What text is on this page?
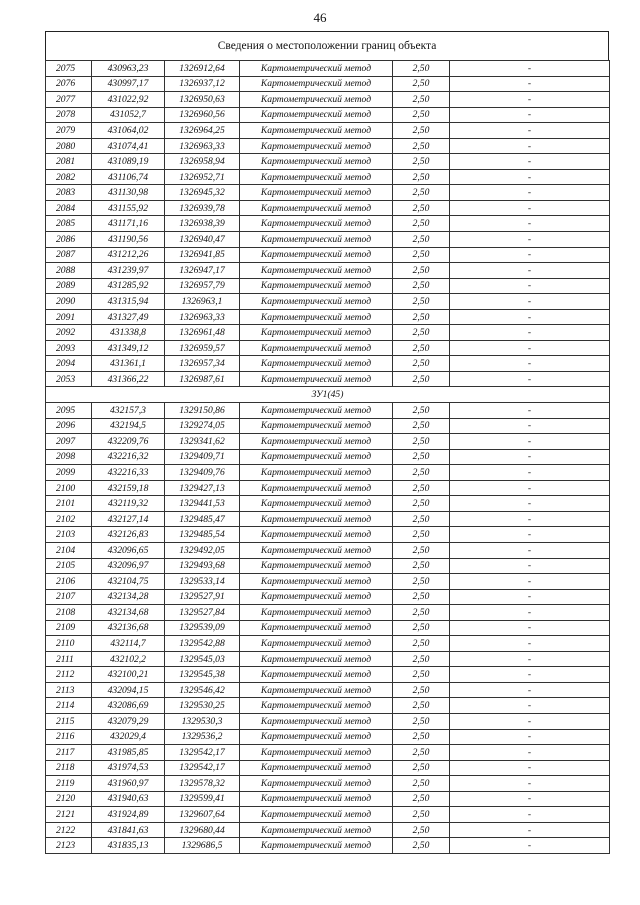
46
Сведения о местоположении границ объекта
2075	430963,23	1326912,64	Картометрический метод	2,50	-
2076	430997,17	1326937,12	Картометрический метод	2,50	-
2077	431022,92	1326950,63	Картометрический метод	2,50	-
2078	431052,7	1326960,56	Картометрический метод	2,50	-
2079	431064,02	1326964,25	Картометрический метод	2,50	-
2080	431074,41	1326963,33	Картометрический метод	2,50	-
2081	431089,19	1326958,94	Картометрический метод	2,50	-
2082	431106,74	1326952,71	Картометрический метод	2,50	-
2083	431130,98	1326945,32	Картометрический метод	2,50	-
2084	431155,92	1326939,78	Картометрический метод	2,50	-
2085	431171,16	1326938,39	Картометрический метод	2,50	-
2086	431190,56	1326940,47	Картометрический метод	2,50	-
2087	431212,26	1326941,85	Картометрический метод	2,50	-
2088	431239,97	1326947,17	Картометрический метод	2,50	-
2089	431285,92	1326957,79	Картометрический метод	2,50	-
2090	431315,94	1326963,1	Картометрический метод	2,50	-
2091	431327,49	1326963,33	Картометрический метод	2,50	-
2092	431338,8	1326961,48	Картометрический метод	2,50	-
2093	431349,12	1326959,57	Картометрический метод	2,50	-
2094	431361,1	1326957,34	Картометрический метод	2,50	-
2053	431366,22	1326987,61	Картометрический метод	2,50	-
ЗУ1(45)					
2095	432157,3	1329150,86	Картометрический метод	2,50	-
2096	432194,5	1329274,05	Картометрический метод	2,50	-
2097	432209,76	1329341,62	Картометрический метод	2,50	-
2098	432216,32	1329409,71	Картометрический метод	2,50	-
2099	432216,33	1329409,76	Картометрический метод	2,50	-
2100	432159,18	1329427,13	Картометрический метод	2,50	-
2101	432119,32	1329441,53	Картометрический метод	2,50	-
2102	432127,14	1329485,47	Картометрический метод	2,50	-
2103	432126,83	1329485,54	Картометрический метод	2,50	-
2104	432096,65	1329492,05	Картометрический метод	2,50	-
2105	432096,97	1329493,68	Картометрический метод	2,50	-
2106	432104,75	1329533,14	Картометрический метод	2,50	-
2107	432134,28	1329527,91	Картометрический метод	2,50	-
2108	432134,68	1329527,84	Картометрический метод	2,50	-
2109	432136,68	1329539,09	Картометрический метод	2,50	-
2110	432114,7	1329542,88	Картометрический метод	2,50	-
2111	432102,2	1329545,03	Картометрический метод	2,50	-
2112	432100,21	1329545,38	Картометрический метод	2,50	-
2113	432094,15	1329546,42	Картометрический метод	2,50	-
2114	432086,69	1329530,25	Картометрический метод	2,50	-
2115	432079,29	1329530,3	Картометрический метод	2,50	-
2116	432029,4	1329536,2	Картометрический метод	2,50	-
2117	431985,85	1329542,17	Картометрический метод	2,50	-
2118	431974,53	1329542,17	Картометрический метод	2,50	-
2119	431960,97	1329578,32	Картометрический метод	2,50	-
2120	431940,63	1329599,41	Картометрический метод	2,50	-
2121	431924,89	1329607,64	Картометрический метод	2,50	-
2122	431841,63	1329680,44	Картометрический метод	2,50	-
2123	431835,13	1329686,5	Картометрический метод	2,50	-
